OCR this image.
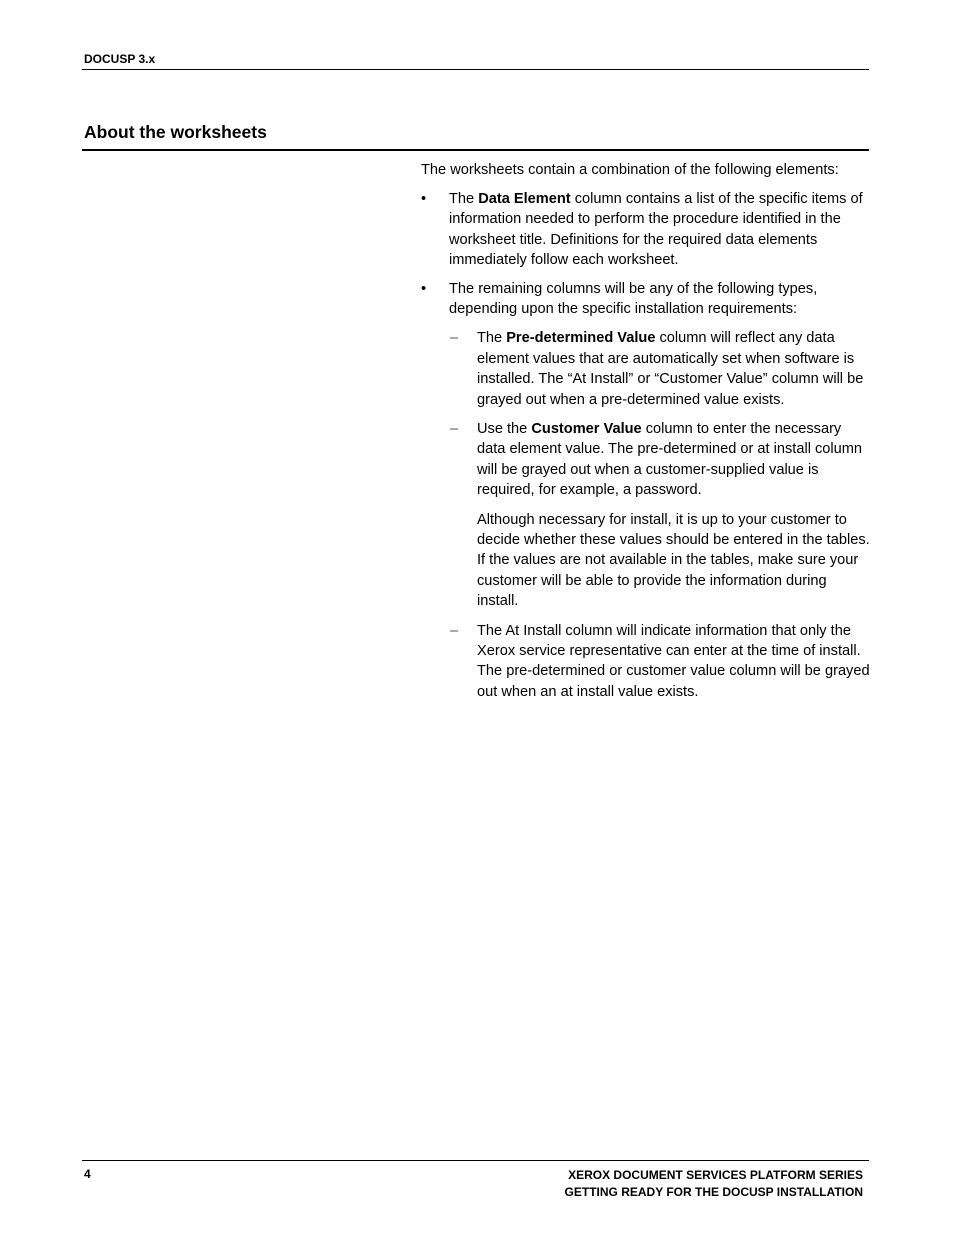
DOCUSP 3.x
About the worksheets

The worksheets contain a combination of the following elements:

•	The Data Element column contains a list of the specific items of information needed to perform the procedure identified in the worksheet title. Definitions for the required data elements immediately follow each worksheet.
•	The remaining columns will be any of the following types, depending upon the specific installation requirements:
– The Pre-determined Value column will reflect any data element values that are automatically set when software is installed. The “At Install” or “Customer Value” column will be grayed out when a pre-determined value exists.
– Use the Customer Value column to enter the necessary data element value. The pre-determined or at install column will be grayed out when a customer-supplied value is required, for example, a password.

Although necessary for install, it is up to your customer to decide whether these values should be entered in the tables. If the values are not available in the tables, make sure your customer will be able to provide the information during install.

– The At Install column will indicate information that only the Xerox service representative can enter at the time of install. The pre-determined or customer value column will be grayed out when an at install value exists.
4	XEROX DOCUMENT SERVICES PLATFORM SERIES
GETTING READY FOR THE DOCUSP INSTALLATION
